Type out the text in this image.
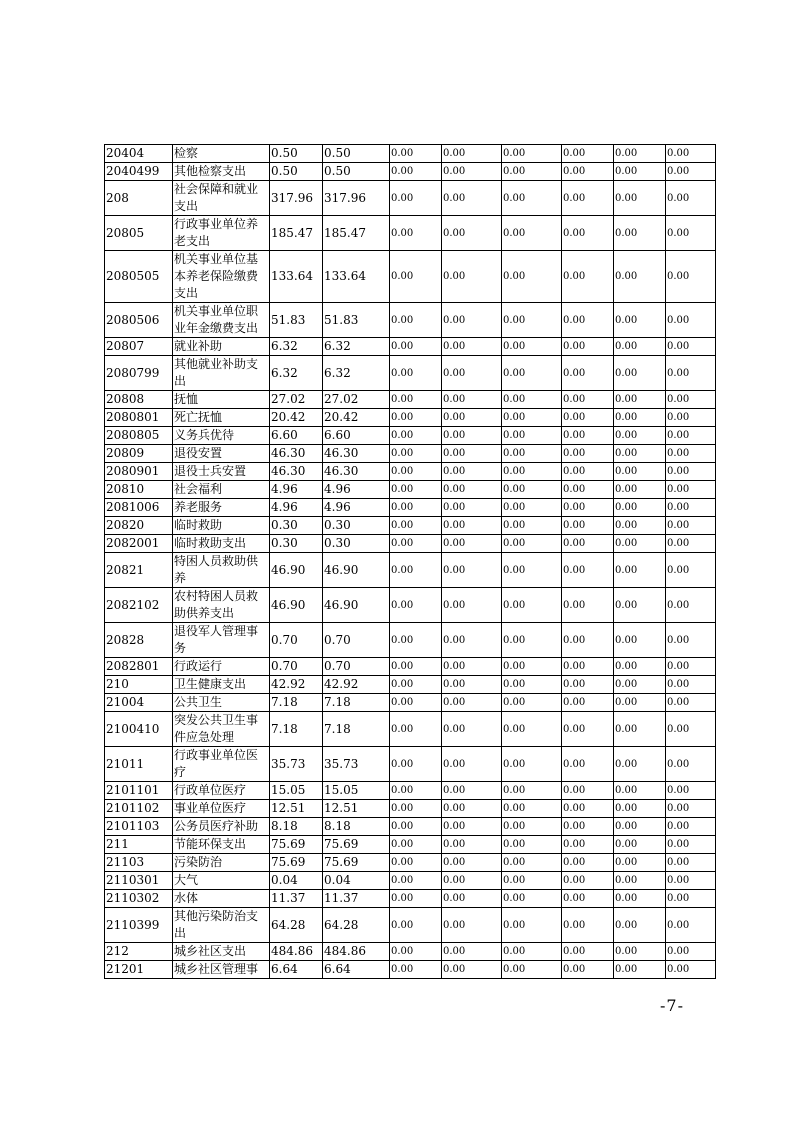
20404	检察	0.50	0.50	0.00	0.00	0.00	0.00	0.00	0.00
2040499	其他检察支出	0.50	0.50	0.00	0.00	0.00	0.00	0.00	0.00
208	社会保障和就业支出	317.96	317.96	0.00	0.00	0.00	0.00	0.00	0.00
20805	行政事业单位养老支出	185.47	185.47	0.00	0.00	0.00	0.00	0.00	0.00
2080505	机关事业单位基本养老保险缴费支出	133.64	133.64	0.00	0.00	0.00	0.00	0.00	0.00
2080506	机关事业单位职业年金缴费支出	51.83	51.83	0.00	0.00	0.00	0.00	0.00	0.00
20807	就业补助	6.32	6.32	0.00	0.00	0.00	0.00	0.00	0.00
2080799	其他就业补助支出	6.32	6.32	0.00	0.00	0.00	0.00	0.00	0.00
20808	抚恤	27.02	27.02	0.00	0.00	0.00	0.00	0.00	0.00
2080801	死亡抚恤	20.42	20.42	0.00	0.00	0.00	0.00	0.00	0.00
2080805	义务兵优待	6.60	6.60	0.00	0.00	0.00	0.00	0.00	0.00
20809	退役安置	46.30	46.30	0.00	0.00	0.00	0.00	0.00	0.00
2080901	退役士兵安置	46.30	46.30	0.00	0.00	0.00	0.00	0.00	0.00
20810	社会福利	4.96	4.96	0.00	0.00	0.00	0.00	0.00	0.00
2081006	养老服务	4.96	4.96	0.00	0.00	0.00	0.00	0.00	0.00
20820	临时救助	0.30	0.30	0.00	0.00	0.00	0.00	0.00	0.00
2082001	临时救助支出	0.30	0.30	0.00	0.00	0.00	0.00	0.00	0.00
20821	特困人员救助供养	46.90	46.90	0.00	0.00	0.00	0.00	0.00	0.00
2082102	农村特困人员救助供养支出	46.90	46.90	0.00	0.00	0.00	0.00	0.00	0.00
20828	退役军人管理事务	0.70	0.70	0.00	0.00	0.00	0.00	0.00	0.00
2082801	行政运行	0.70	0.70	0.00	0.00	0.00	0.00	0.00	0.00
210	卫生健康支出	42.92	42.92	0.00	0.00	0.00	0.00	0.00	0.00
21004	公共卫生	7.18	7.18	0.00	0.00	0.00	0.00	0.00	0.00
2100410	突发公共卫生事件应急处理	7.18	7.18	0.00	0.00	0.00	0.00	0.00	0.00
21011	行政事业单位医疗	35.73	35.73	0.00	0.00	0.00	0.00	0.00	0.00
2101101	行政单位医疗	15.05	15.05	0.00	0.00	0.00	0.00	0.00	0.00
2101102	事业单位医疗	12.51	12.51	0.00	0.00	0.00	0.00	0.00	0.00
2101103	公务员医疗补助	8.18	8.18	0.00	0.00	0.00	0.00	0.00	0.00
211	节能环保支出	75.69	75.69	0.00	0.00	0.00	0.00	0.00	0.00
21103	污染防治	75.69	75.69	0.00	0.00	0.00	0.00	0.00	0.00
2110301	大气	0.04	0.04	0.00	0.00	0.00	0.00	0.00	0.00
2110302	水体	11.37	11.37	0.00	0.00	0.00	0.00	0.00	0.00
2110399	其他污染防治支出	64.28	64.28	0.00	0.00	0.00	0.00	0.00	0.00
212	城乡社区支出	484.86	484.86	0.00	0.00	0.00	0.00	0.00	0.00
21201	城乡社区管理事	6.64	6.64	0.00	0.00	0.00	0.00	0.00	0.00
-7-
